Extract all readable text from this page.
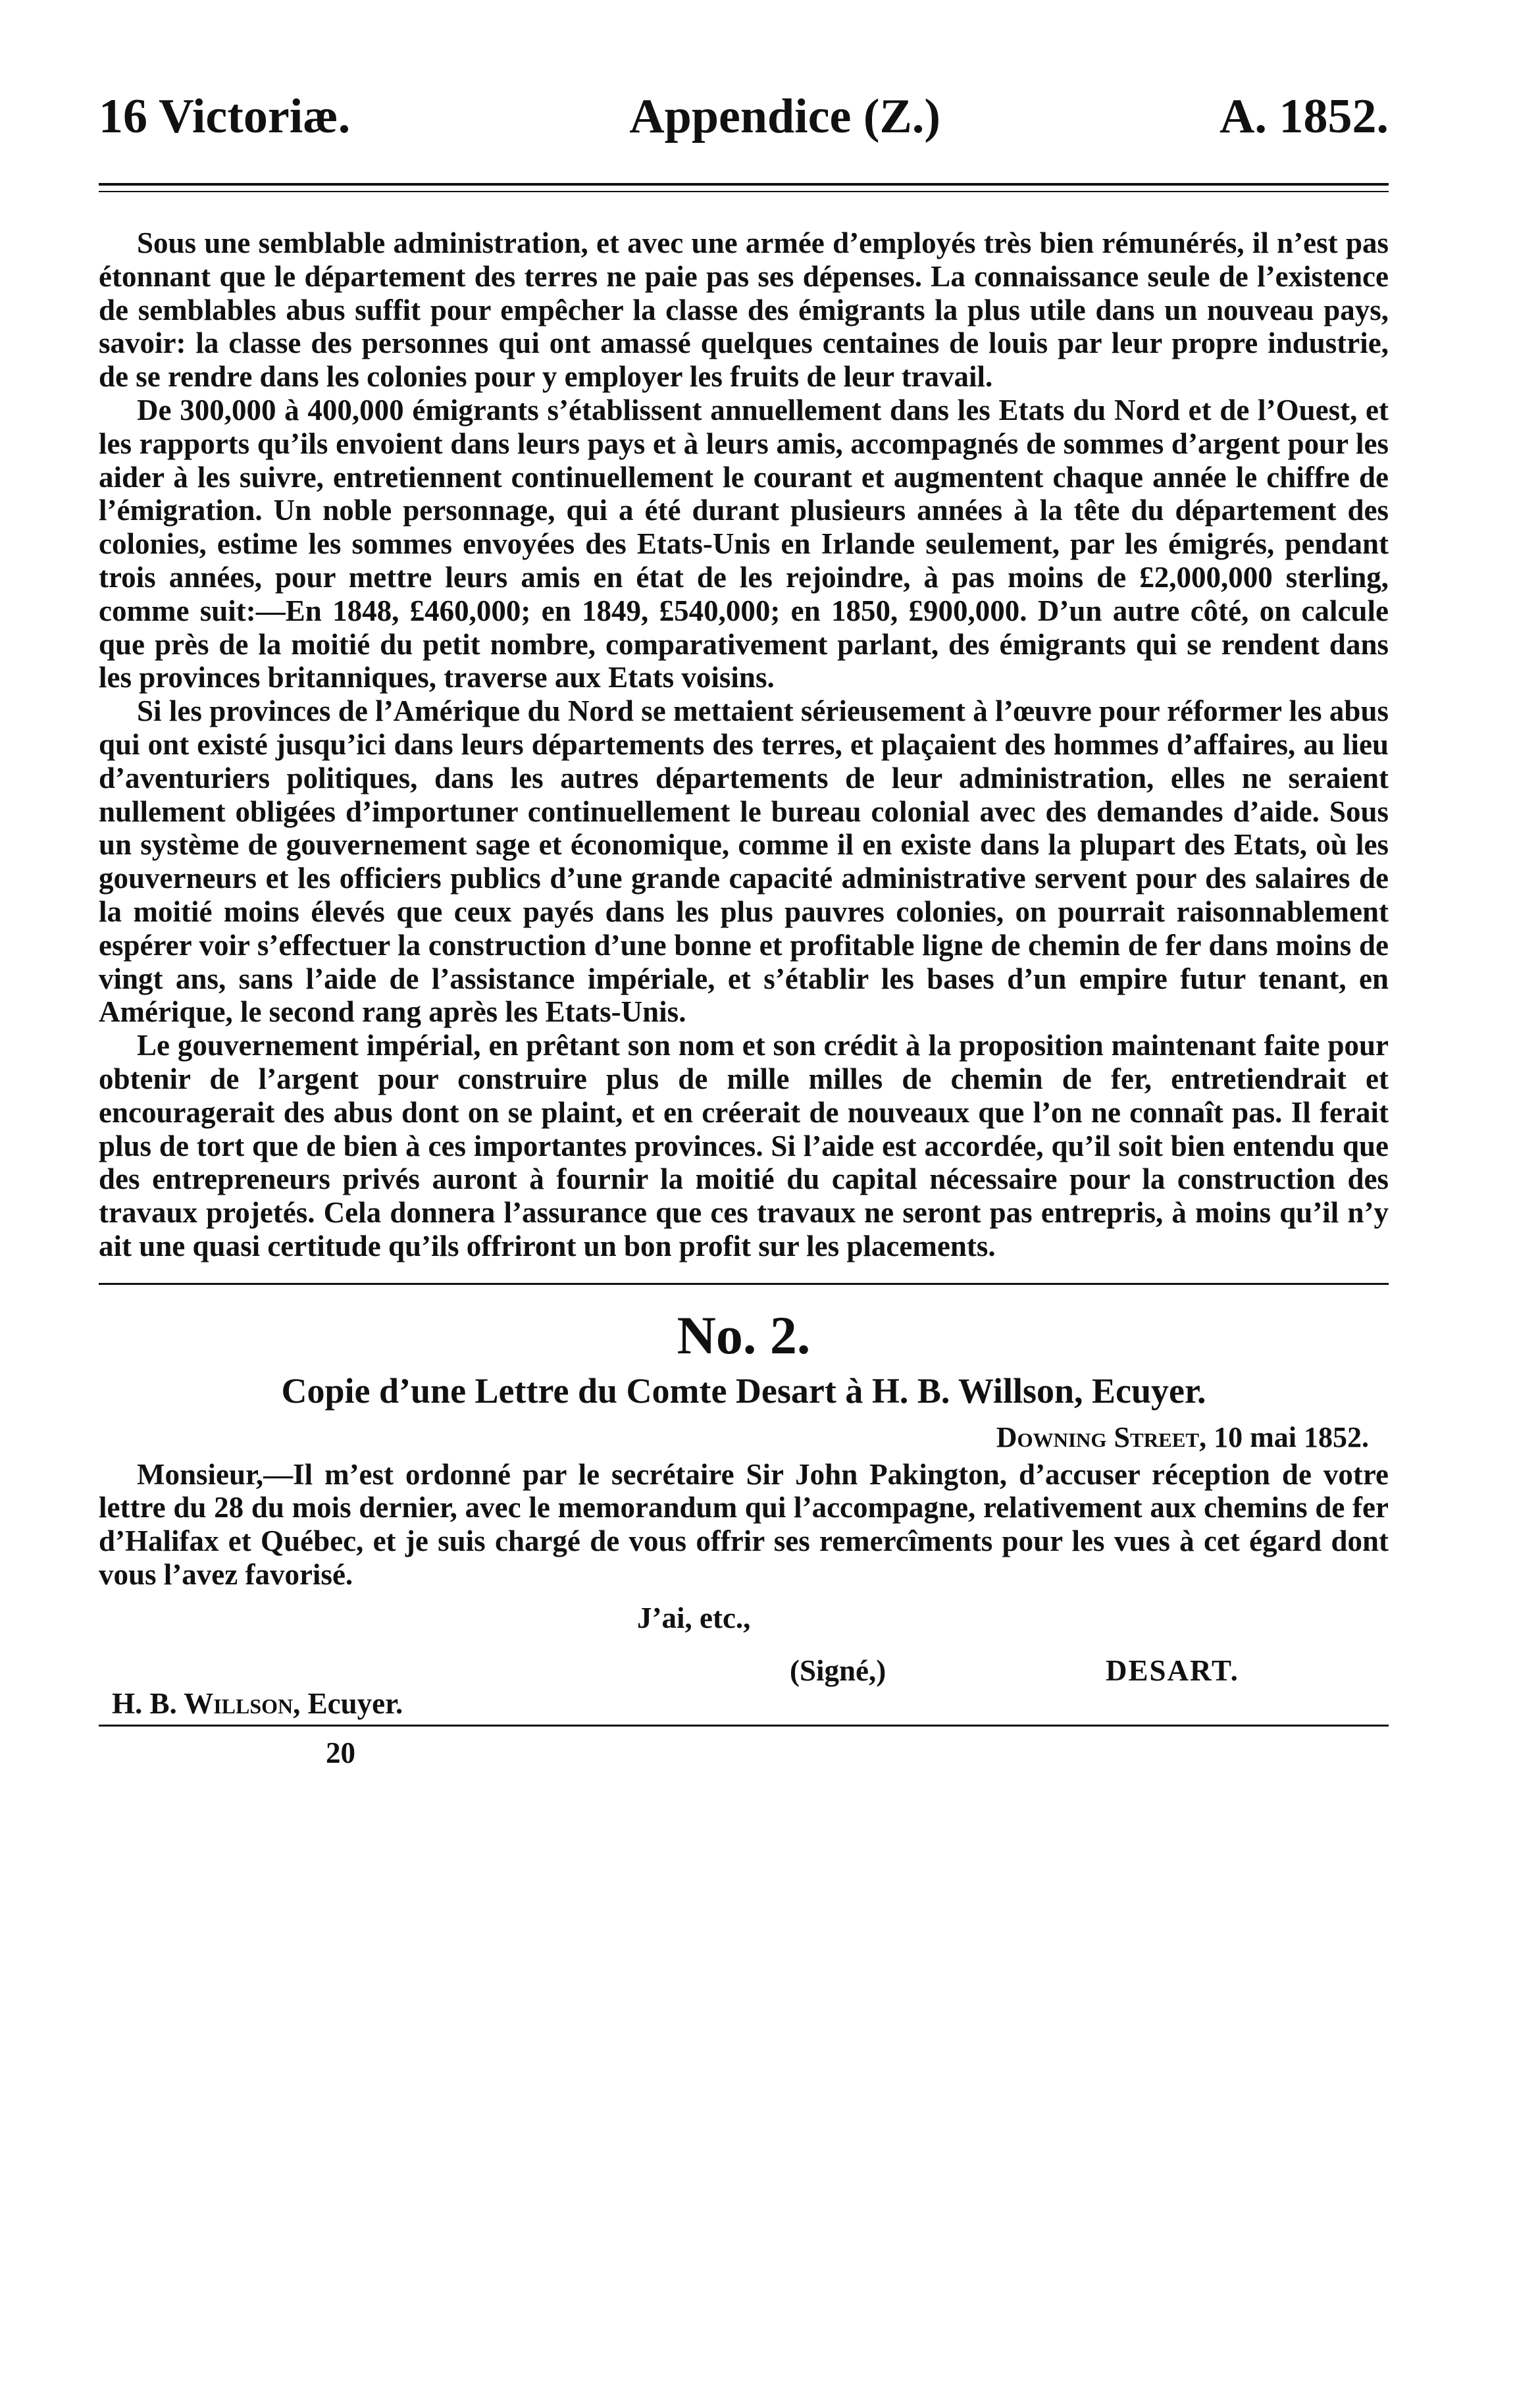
16 Victoriæ.	Appendice (Z.)	A. 1852.

Sous une semblable administration, et avec une armée d’employés très bien rémunérés, il n’est pas étonnant que le département des terres ne paie pas ses dépenses. La connaissance seule de l’existence de semblables abus suffit pour empêcher la classe des émigrants la plus utile dans un nouveau pays, savoir: la classe des personnes qui ont amassé quelques centaines de louis par leur propre industrie, de se rendre dans les colonies pour y employer les fruits de leur travail.

De 300,000 à 400,000 émigrants s’établissent annuellement dans les Etats du Nord et de l’Ouest, et les rapports qu’ils envoient dans leurs pays et à leurs amis, accompagnés de sommes d’argent pour les aider à les suivre, entretiennent continuellement le courant et augmentent chaque année le chiffre de l’émigration. Un noble personnage, qui a été durant plusieurs années à la tête du département des colonies, estime les sommes envoyées des Etats-Unis en Irlande seulement, par les émigrés, pendant trois années, pour mettre leurs amis en état de les rejoindre, à pas moins de £2,000,000 sterling, comme suit:—En 1848, £460,000; en 1849, £540,000; en 1850, £900,000. D’un autre côté, on calcule que près de la moitié du petit nombre, comparativement parlant, des émigrants qui se rendent dans les provinces britanniques, traverse aux Etats voisins.

Si les provinces de l’Amérique du Nord se mettaient sérieusement à l’œuvre pour réformer les abus qui ont existé jusqu’ici dans leurs départements des terres, et plaçaient des hommes d’affaires, au lieu d’aventuriers politiques, dans les autres départements de leur administration, elles ne seraient nullement obligées d’importuner continuellement le bureau colonial avec des demandes d’aide. Sous un système de gouvernement sage et économique, comme il en existe dans la plupart des Etats, où les gouverneurs et les officiers publics d’une grande capacité administrative servent pour des salaires de la moitié moins élevés que ceux payés dans les plus pauvres colonies, on pourrait raisonnablement espérer voir s’effectuer la construction d’une bonne et profitable ligne de chemin de fer dans moins de vingt ans, sans l’aide de l’assistance impériale, et s’établir les bases d’un empire futur tenant, en Amérique, le second rang après les Etats-Unis.

Le gouvernement impérial, en prêtant son nom et son crédit à la proposition maintenant faite pour obtenir de l’argent pour construire plus de mille milles de chemin de fer, entretiendrait et encouragerait des abus dont on se plaint, et en créerait de nouveaux que l’on ne connaît pas. Il ferait plus de tort que de bien à ces importantes provinces. Si l’aide est accordée, qu’il soit bien entendu que des entrepreneurs privés auront à fournir la moitié du capital nécessaire pour la construction des travaux projetés. Cela donnera l’assurance que ces travaux ne seront pas entrepris, à moins qu’il n’y ait une quasi certitude qu’ils offriront un bon profit sur les placements.

No. 2.
Copie d’une Lettre du Comte Desart à H. B. Willson, Ecuyer.
Downing Street, 10 mai 1852.

Monsieur,—Il m’est ordonné par le secrétaire Sir John Pakington, d’accuser réception de votre lettre du 28 du mois dernier, avec le memorandum qui l’accompagne, relativement aux chemins de fer d’Halifax et Québec, et je suis chargé de vous offrir ses remercîments pour les vues à cet égard dont vous l’avez favorisé.

J’ai, etc.,
(Signé,)	DESART.
H. B. Willson, Ecuyer.
20
